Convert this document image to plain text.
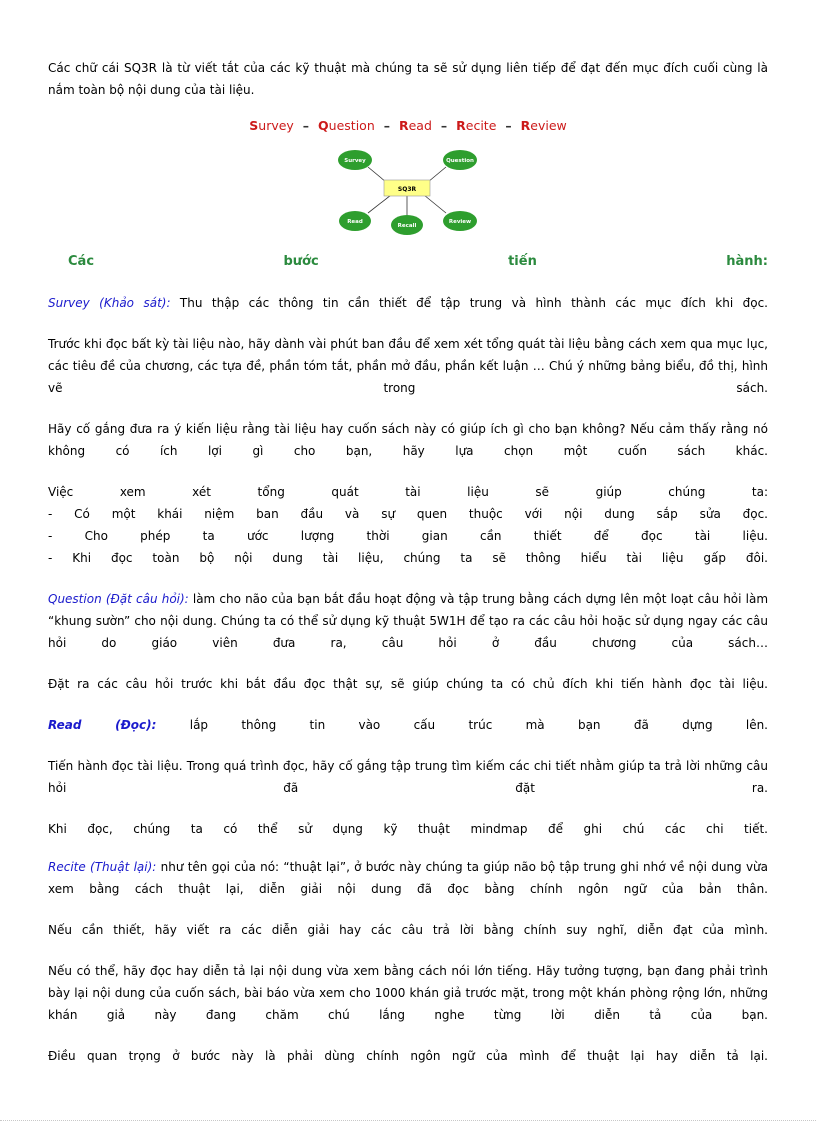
Các chữ cái SQ3R là từ viết tắt của các kỹ thuật mà chúng ta sẽ sử dụng liên tiếp để đạt đến mục đích cuối cùng là nắm toàn bộ nội dung của tài liệu.

Survey – Question – Read – Recite – Review

SQ3R
Survey	Question
Read
Recall
Review

Các bước tiến hành:

Survey (Khảo sát): Thu thập các thông tin cần thiết để tập trung và hình thành các mục đích khi đọc.

Trước khi đọc bất kỳ tài liệu nào, hãy dành vài phút ban đầu để xem xét tổng quát tài liệu bằng cách xem qua mục lục, các tiêu đề của chương, các tựa đề, phần tóm tắt, phần mở đầu, phần kết luận … Chú ý những bảng biểu, đồ thị, hình vẽ trong sách.

Hãy cố gắng đưa ra ý kiến liệu rằng tài liệu hay cuốn sách này có giúp ích gì cho bạn không? Nếu cảm thấy rằng nó không có ích lợi gì cho bạn, hãy lựa chọn một cuốn sách khác.

Việc xem xét tổng quát tài liệu sẽ giúp chúng ta:

- Có một khái niệm ban đầu và sự quen thuộc với nội dung sắp sửa đọc.

- Cho phép ta ước lượng thời gian cần thiết để đọc tài liệu.

- Khi đọc toàn bộ nội dung tài liệu, chúng ta sẽ thông hiểu tài liệu gấp đôi.

Question (Đặt câu hỏi): làm cho não của bạn bắt đầu hoạt động và tập trung bằng cách dựng lên một loạt câu hỏi làm “khung sườn” cho nội dung. Chúng ta có thể sử dụng kỹ thuật 5W1H để tạo ra các câu hỏi hoặc sử dụng ngay các câu hỏi do giáo viên đưa ra, câu hỏi ở đầu chương của sách…

Đặt ra các câu hỏi trước khi bắt đầu đọc thật sự, sẽ giúp chúng ta có chủ đích khi tiến hành đọc tài liệu.

Read (Đọc): lắp thông tin vào cấu trúc mà bạn đã dựng lên.

Tiến hành đọc tài liệu. Trong quá trình đọc, hãy cố gắng tập trung tìm kiếm các chi tiết nhằm giúp ta trả lời những câu hỏi đã đặt ra.

Khi đọc, chúng ta có thể sử dụng kỹ thuật mindmap để ghi chú các chi tiết.

Recite (Thuật lại): như tên gọi của nó: “thuật lại”, ở bước này chúng ta giúp não bộ tập trung ghi nhớ về nội dung vừa xem bằng cách thuật lại, diễn giải nội dung đã đọc bằng chính ngôn ngữ của bản thân.

Nếu cần thiết, hãy viết ra các diễn giải hay các câu trả lời bằng chính suy nghĩ, diễn đạt của mình.

Nếu có thể, hãy đọc hay diễn tả lại nội dung vừa xem bằng cách nói lớn tiếng. Hãy tưởng tượng, bạn đang phải trình bày lại nội dung của cuốn sách, bài báo vừa xem cho 1000 khán giả trước mặt, trong một khán phòng rộng lớn, những khán giả này đang chăm chú lắng nghe từng lời diễn tả của bạn.

Điều quan trọng ở bước này là phải dùng chính ngôn ngữ của mình để thuật lại hay diễn tả lại.
